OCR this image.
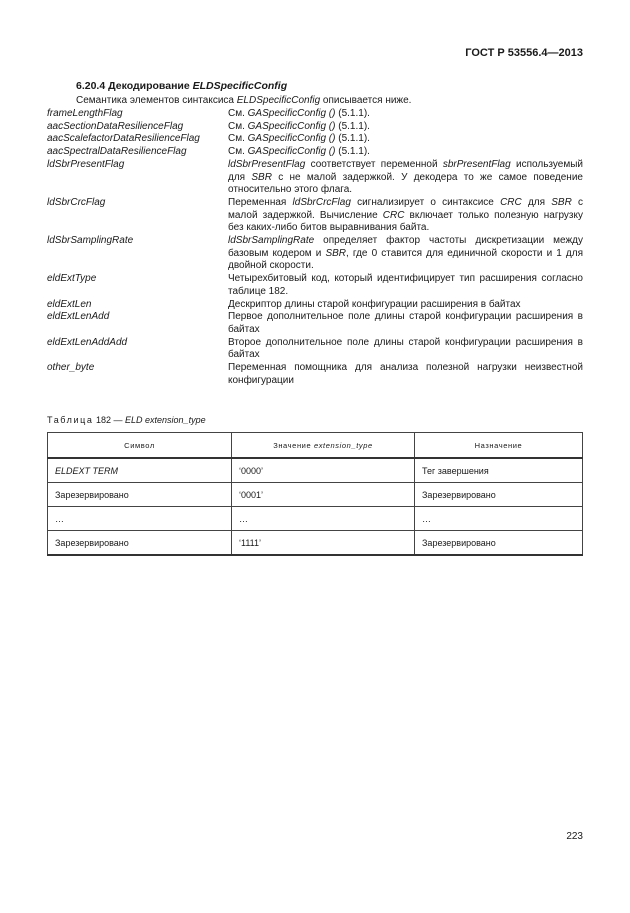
ГОСТ Р 53556.4—2013
6.20.4 Декодирование ELDSpecificConfig
Семантика элементов синтаксиса ELDSpecificConfig описывается ниже.
frameLengthFlag	См. GASpecificConfig () (5.1.1).
aacSectionDataResilienceFlag	См. GASpecificConfig () (5.1.1).
aacScalefactorDataResilienceFlag	См. GASpecificConfig () (5.1.1).
aacSpectralDataResilienceFlag	См. GASpecificConfig () (5.1.1).
ldSbrPresentFlag	ldSbrPresentFlag соответствует переменной sbrPresentFlag используемый для SBR с не малой задержкой. У декодера то же самое поведение относительно этого флага.
ldSbrCrcFlag	Переменная ldSbrCrcFlag сигнализирует о синтаксисе CRC для SBR с малой задержкой. Вычисление CRC включает только полезную нагрузку без каких-либо битов выравнивания байта.
ldSbrSamplingRate	ldSbrSamplingRate определяет фактор частоты дискретизации между базовым кодером и SBR, где 0 ставится для единичной скорости и 1 для двойной скорости.
eldExtType	Четырехбитовый код, который идентифицирует тип расширения согласно таблице 182.
eldExtLen	Дескриптор длины старой конфигурации расширения в байтах
eldExtLenAdd	Первое дополнительное поле длины старой конфигурации расширения в байтах
eldExtLenAddAdd	Второе дополнительное поле длины старой конфигурации расширения в байтах
other_byte	Переменная помощника для анализа полезной нагрузки неизвестной конфигурации
Таблица 182 — ELD extension_type
Символ	Значение extension_type	Назначение
ELDEXT TERM	‘0000’	Тег завершения
Зарезервировано	‘0001’	Зарезервировано
…	…	…
Зарезервировано	‘1111’	Зарезервировано
223
